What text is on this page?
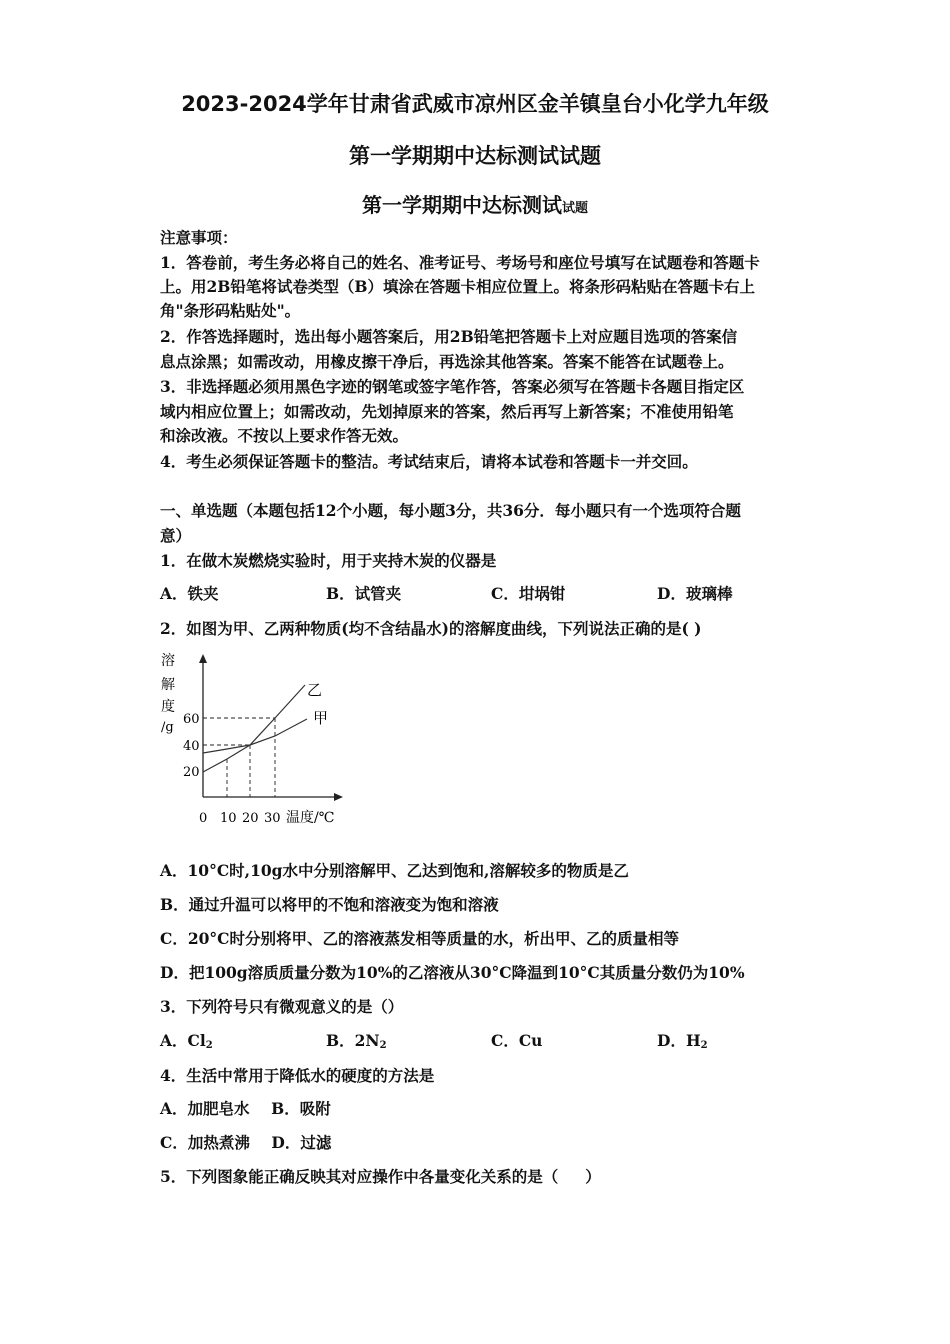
2023-2024学年甘肃省武威市凉州区金羊镇皇台小化学九年级
第一学期期中达标测试试题
第一学期期中达标测试试题
注意事项：
1．答卷前，考生务必将自己的姓名、准考证号、考场号和座位号填写在试题卷和答题卡
上。用2B铅笔将试卷类型（B）填涂在答题卡相应位置上。将条形码粘贴在答题卡右上
角"条形码粘贴处"。
2．作答选择题时，选出每小题答案后，用2B铅笔把答题卡上对应题目选项的答案信
息点涂黑；如需改动，用橡皮擦干净后，再选涂其他答案。答案不能答在试题卷上。
3．非选择题必须用黑色字迹的钢笔或签字笔作答，答案必须写在答题卡各题目指定区
域内相应位置上；如需改动，先划掉原来的答案，然后再写上新答案；不准使用铅笔
和涂改液。不按以上要求作答无效。
4．考生必须保证答题卡的整洁。考试结束后，请将本试卷和答题卡一并交回。
一、单选题（本题包括12个小题，每小题3分，共36分．每小题只有一个选项符合题
意）
1．在做木炭燃烧实验时，用于夹持木炭的仪器是
A．铁夹	B．试管夹	C．坩埚钳	D．玻璃棒
2．如图为甲、乙两种物质(均不含结晶水)的溶解度曲线，下列说法正确的是( )
溶
解
度
/g
60
40
20
乙
甲
0 10 20 30 温度/℃
A．10°C时,10g水中分别溶解甲、乙达到饱和,溶解较多的物质是乙
B．通过升温可以将甲的不饱和溶液变为饱和溶液
C．20°C时分别将甲、乙的溶液蒸发相等质量的水，析出甲、乙的质量相等
D．把100g溶质质量分数为10%的乙溶液从30°C降温到10°C其质量分数仍为10%
3．下列符号只有微观意义的是（）
A．$Cl_2$	B．$2N_2$	C．Cu	D．$H_2$
4．生活中常用于降低水的硬度的方法是
A．加肥皂水    B．吸附
C．加热煮沸    D．过滤
5．下列图象能正确反映其对应操作中各量变化关系的是（     ）
